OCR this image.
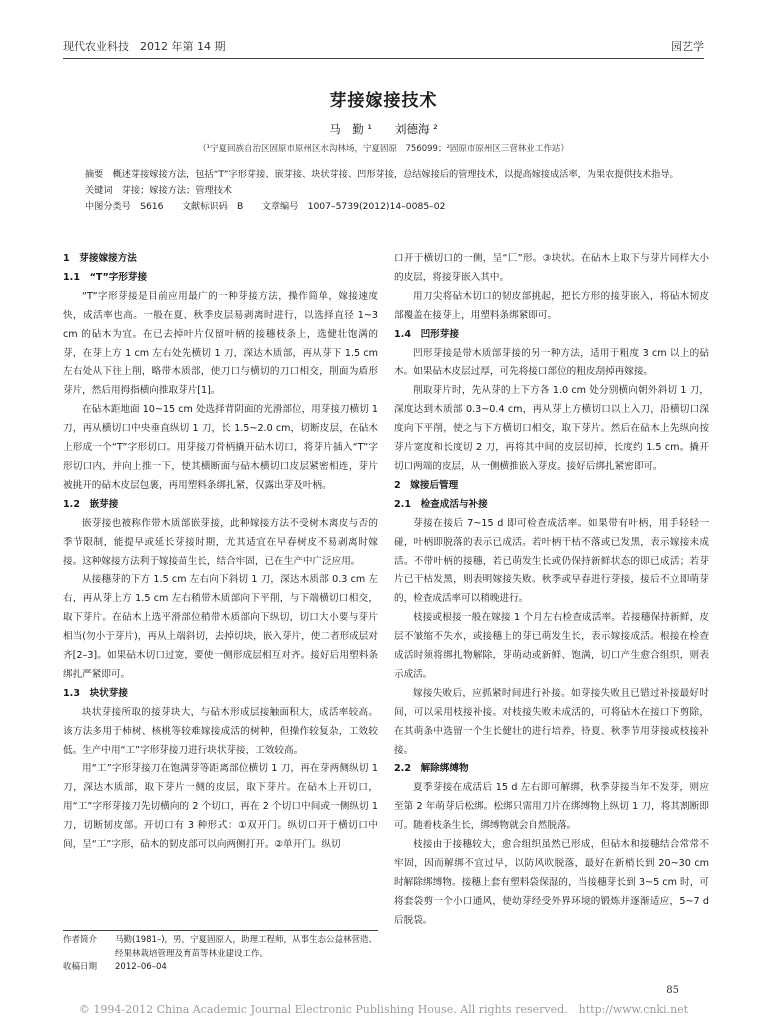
现代农业科技　2012 年第 14 期	园艺学
芽接嫁接技术
马　勤 ¹　　刘德海 ²
（¹宁夏回族自治区固原市原州区水沟林场，宁夏固原　756099；²固原市原州区三营林业工作站）

摘要　概述芽接嫁接方法，包括“T”字形芽接、嵌芽接、块状芽接、凹形芽接，总结嫁接后的管理技术，以提高嫁接成活率，为果农提供技术指导。

关键词　芽接；嫁接方法；管理技术

中图分类号　S616　　文献标识码　B　　文章编号　1007–5739(2012)14–0085–02

1　芽接嫁接方法
1.1　“T”字形芽接

“T”字形芽接是目前应用最广的一种芽接方法，操作简单，嫁接速度快，成活率也高。一般在夏、秋季皮层易剥离时进行，以选择直径 1~3 cm 的砧木为宜。在已去掉叶片仅留叶柄的接穗枝条上，选健壮饱满的芽，在芽上方 1 cm 左右处先横切 1 刀，深达木质部，再从芽下 1.5 cm 左右处从下往上削，略带木质部，使刀口与横切的刀口相交，削面为盾形芽片，然后用拇指横向推取芽片[1]。

在砧木距地面 10~15 cm 处选择背阴面的光滑部位，用芽接刀横切 1 刀，再从横切口中央垂直纵切 1 刀，长 1.5~2.0 cm，切断皮层，在砧木上形成一个“T”字形切口。用芽接刀骨柄撬开砧木切口，将芽片插入“T”字形切口内，并向上推一下，使其横断面与砧木横切口皮层紧密相连，芽片被挑开的砧木皮层包裹，再用塑料条绑扎紧，仅露出芽及叶柄。

1.2　嵌芽接

嵌芽接也被称作带木质部嵌芽接，此种嫁接方法不受树木离皮与否的季节限制，能提早或延长芽接时期，尤其适宜在早春树皮不易剥离时嫁接。这种嫁接方法利于嫁接苗生长，结合牢固，已在生产中广泛应用。

从接穗芽的下方 1.5 cm 左右向下斜切 1 刀，深达木质部 0.3 cm 左右，再从芽上方 1.5 cm 左右稍带木质部向下平削，与下端横切口相交，取下芽片。在砧木上选平滑部位稍带木质部向下纵切，切口大小要与芽片相当(勿小于芽片)，再从上端斜切，去掉切块，嵌入芽片，使二者形成层对齐[2–3]。如果砧木切口过宽，要使一侧形成层相互对齐。接好后用塑料条绑扎严紧即可。

1.3　块状芽接

块状芽接所取的接芽块大，与砧木形成层接触面积大，成活率较高。该方法多用于柿树、核桃等较难嫁接成活的树种，但操作较复杂，工效较低。生产中用“工”字形芽接刀进行块状芽接，工效较高。

用“工”字形芽接刀在饱满芽等距离部位横切 1 刀，再在芽两侧纵切 1 刀，深达木质部，取下芽片一侧的皮层，取下芽片。在砧木上开切口，用“工”字形芽接刀先切横向的 2 个切口，再在 2 个切口中间或一侧纵切 1 刀，切断韧皮部。开切口有 3 种形式：①双开门。纵切口开于横切口中间，呈“工”字形，砧木的韧皮部可以向两侧打开。②单开门。纵切

口开于横切口的一侧，呈“匚”形。③块状。在砧木上取下与芽片同样大小的皮层，将接芽嵌入其中。

用刀尖将砧木切口的韧皮部挑起，把长方形的接芽嵌入，将砧木韧皮部覆盖在接芽上，用塑料条绑紧即可。

1.4　凹形芽接

凹形芽接是带木质部芽接的另一种方法，适用于粗度 3 cm 以上的砧木。如果砧木皮层过厚，可先将接口部位的粗皮刮掉再嫁接。

削取芽片时，先从芽的上下方各 1.0 cm 处分别横向朝外斜切 1 刀，深度达到木质部 0.3~0.4 cm，再从芽上方横切口以上入刀，沿横切口深度向下平削，使之与下方横切口相交，取下芽片。然后在砧木上先纵向按芽片宽度和长度切 2 刀，再将其中间的皮层切掉，长度约 1.5 cm。撬开切口两端的皮层，从一侧横推嵌入芽皮。接好后绑扎紧密即可。

2　嫁接后管理
2.1　检查成活与补接

芽接在接后 7~15 d 即可检查成活率。如果带有叶柄，用手轻轻一碰，叶柄即脱落的表示已成活。若叶柄干枯不落或已发黑，表示嫁接未成活。不带叶柄的接穗，若已萌发生长或仍保持新鲜状态的即已成活；若芽片已干枯发黑，则表明嫁接失败。秋季或早春进行芽接，接后不立即萌芽的，检查成活率可以稍晚进行。

枝接或根接一般在嫁接 1 个月左右检查成活率。若接穗保持新鲜，皮层不皱缩不失水，或接穗上的芽已萌发生长，表示嫁接成活。根接在检查成活时须将绑扎物解除，芽萌动或新鲜、饱满，切口产生愈合组织，则表示成活。

嫁接失败后，应抓紧时间进行补接。如芽接失败且已错过补接最好时间，可以采用枝接补接。对枝接失败未成活的，可将砧木在接口下剪除，在其萌条中选留一个生长健壮的进行培养，待夏、秋季节用芽接或枝接补接。

2.2　解除绑缚物

夏季芽接在成活后 15 d 左右即可解绑，秋季芽接当年不发芽，则应至第 2 年萌芽后松绑。松绑只需用刀片在绑缚物上纵切 1 刀，将其割断即可。随着枝条生长，绑缚物就会自然脱落。

枝接由于接穗较大，愈合组织虽然已形成，但砧木和接穗结合常常不牢固，因而解绑不宜过早，以防风吹脱落，最好在新梢长到 20~30 cm 时解除绑缚物。接穗上套有塑料袋保湿的，当接穗芽长到 3~5 cm 时，可将套袋剪一个小口通风，使幼芽经受外界环境的锻炼并逐渐适应，5~7 d 后脱袋。

作者简介	马勤(1981–)，男，宁夏固原人，助理工程师，从事生态公益林营造、经果林栽培管理及育苗等林业建设工作。
收稿日期	2012–06–04
85
© 1994-2012 China Academic Journal Electronic Publishing House. All rights reserved.　http://www.cnki.net
